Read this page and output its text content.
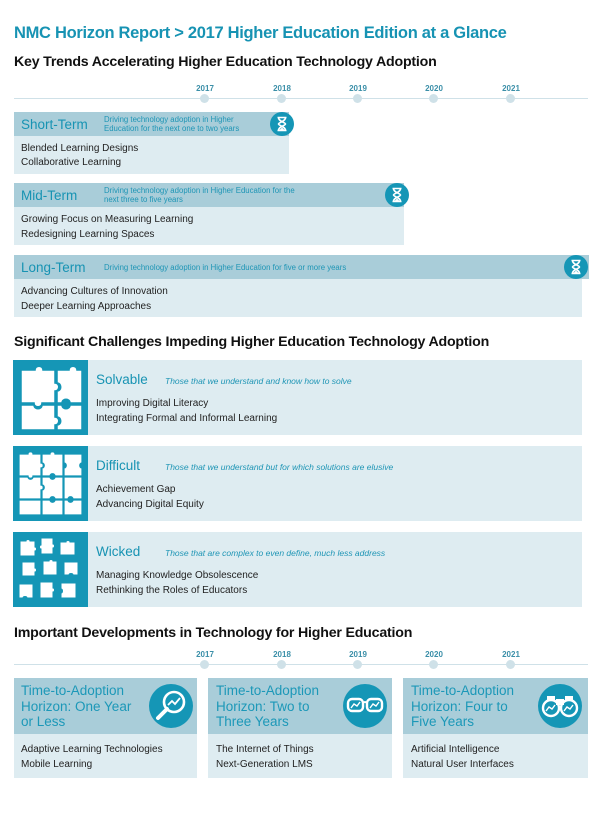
NMC Horizon Report > 2017 Higher Education Edition at a Glance
Key Trends Accelerating Higher Education Technology Adoption
2017	2018	2019	2020	2021
Short-Term Driving technology adoption in Higher
Education for the next one to two years
Blended Learning Designs
Collaborative Learning
Mid-Term	Driving technology adoption in Higher Education for the
next three to five years
Growing Focus on Measuring Learning
Redesigning Learning Spaces
Long-Term Driving technology adoption in Higher Education for five or more years
Advancing Cultures of Innovation
Deeper Learning Approaches
Significant Challenges Impeding Higher Education Technology Adoption
Solvable Those that we understand and know how to solve
Improving Digital Literacy
Integrating Formal and Informal Learning
Difficult	Those that we understand but for which solutions are elusive
Achievement Gap
Advancing Digital Equity
Wicked	Those that are complex to even define, much less address
Managing Knowledge Obsolescence
Rethinking the Roles of Educators
Important Developments in Technology for Higher Education
2017	2018	2019	2020	2021
Time-to-Adoption
Horizon: One Year
or Less
Adaptive Learning Technologies
Mobile Learning
Time-to-Adoption
Horizon: Two to
Three Years
The Internet of Things
Next-Generation LMS
Time-to-Adoption
Horizon: Four to
Five Years
Artificial Intelligence
Natural User Interfaces
